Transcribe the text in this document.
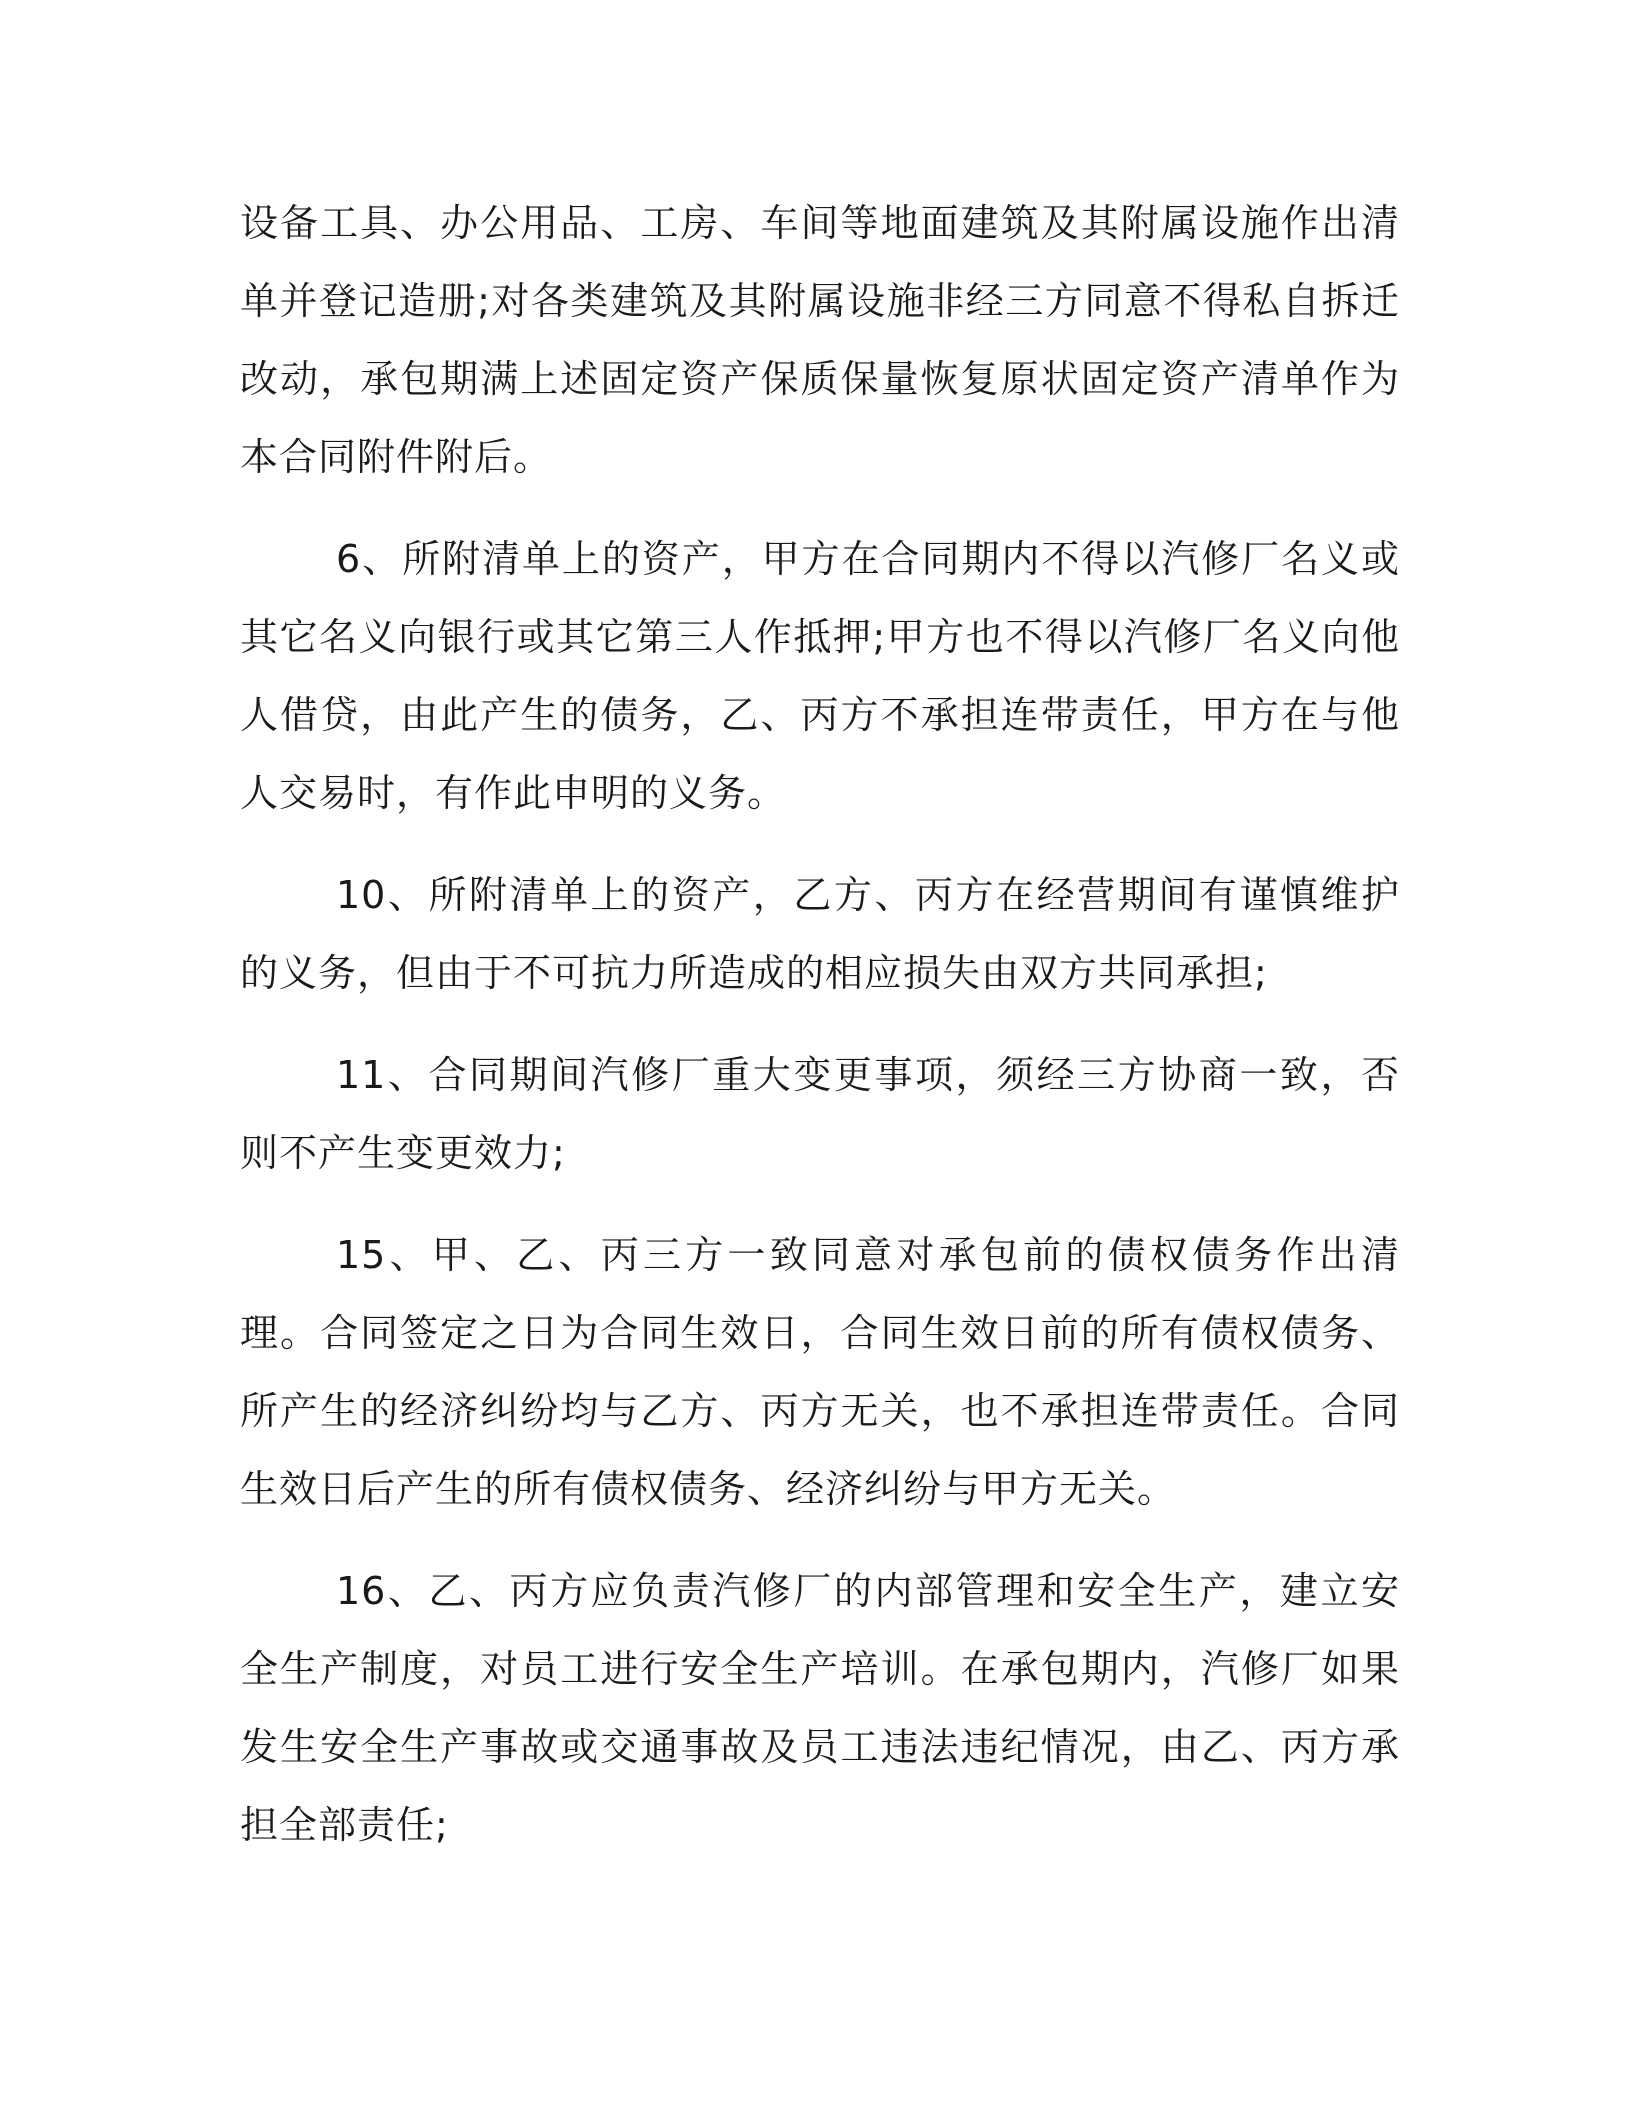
设备工具、办公用品、工房、车间等地面建筑及其附属设施作出清单并登记造册;对各类建筑及其附属设施非经三方同意不得私自拆迁改动，承包期满上述固定资产保质保量恢复原状固定资产清单作为本合同附件附后。

6、所附清单上的资产，甲方在合同期内不得以汽修厂名义或其它名义向银行或其它第三人作抵押;甲方也不得以汽修厂名义向他人借贷，由此产生的债务，乙、丙方不承担连带责任，甲方在与他人交易时，有作此申明的义务。

10、所附清单上的资产，乙方、丙方在经营期间有谨慎维护的义务，但由于不可抗力所造成的相应损失由双方共同承担;

11、合同期间汽修厂重大变更事项，须经三方协商一致，否则不产生变更效力;

15、甲、乙、丙三方一致同意对承包前的债权债务作出清理。合同签定之日为合同生效日，合同生效日前的所有债权债务、所产生的经济纠纷均与乙方、丙方无关，也不承担连带责任。合同生效日后产生的所有债权债务、经济纠纷与甲方无关。

16、乙、丙方应负责汽修厂的内部管理和安全生产，建立安全生产制度，对员工进行安全生产培训。在承包期内，汽修厂如果发生安全生产事故或交通事故及员工违法违纪情况，由乙、丙方承担全部责任;
